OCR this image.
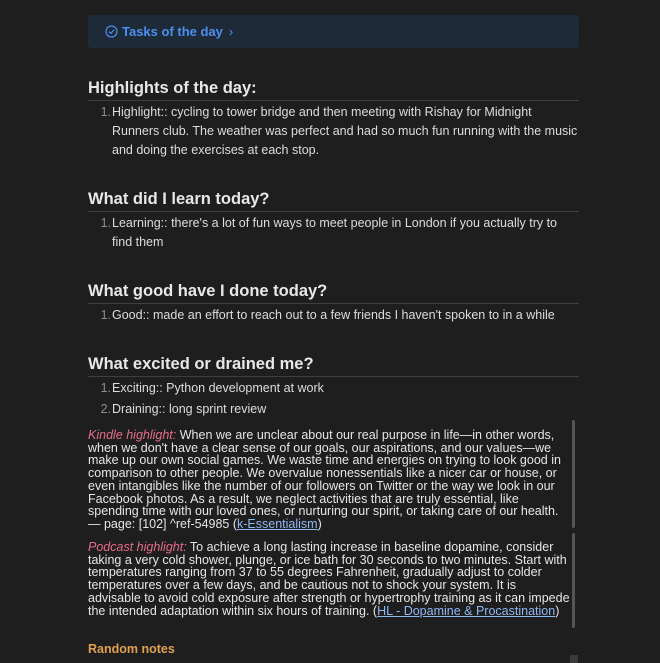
Tasks of the day ›
Highlights of the day:
1. Highlight:: cycling to tower bridge and then meeting with Rishay for Midnight Runners club. The weather was perfect and had so much fun running with the music and doing the exercises at each stop.
What did I learn today?
1. Learning:: there's a lot of fun ways to meet people in London if you actually try to find them
What good have I done today?
1. Good:: made an effort to reach out to a few friends I haven't spoken to in a while
What excited or drained me?
1. Exciting:: Python development at work
2. Draining:: long sprint review
Kindle highlight: When we are unclear about our real purpose in life—in other words, when we don't have a clear sense of our goals, our aspirations, and our values—we make up our own social games. We waste time and energies on trying to look good in comparison to other people. We overvalue nonessentials like a nicer car or house, or even intangibles like the number of our followers on Twitter or the way we look in our Facebook photos. As a result, we neglect activities that are truly essential, like spending time with our loved ones, or nurturing our spirit, or taking care of our health. — page: [102] ^ref-54985 (k-Essentialism)
Podcast highlight: To achieve a long lasting increase in baseline dopamine, consider taking a very cold shower, plunge, or ice bath for 30 seconds to two minutes. Start with temperatures ranging from 37 to 55 degrees Fahrenheit, gradually adjust to colder temperatures over a few days, and be cautious not to shock your system. It is advisable to avoid cold exposure after strength or hypertrophy training as it can impede the intended adaptation within six hours of training. (HL - Dopamine & Procastination)
Random notes
